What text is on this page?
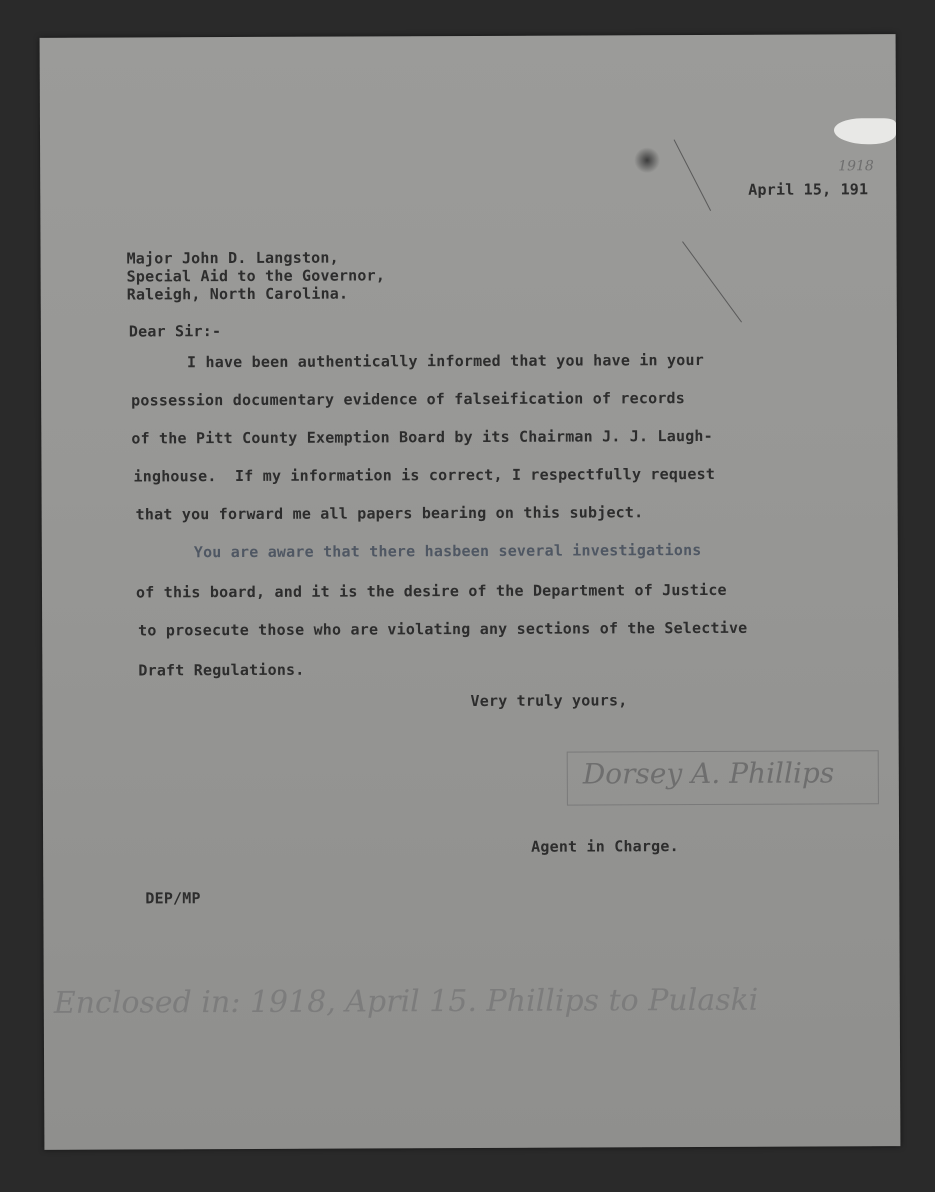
April 15, 191
1918
Major John D. Langston,
Special Aid to the Governor,
Raleigh, North Carolina.
Dear Sir:-
I have been authentically informed that you have in your
possession documentary evidence of falseification of records
of the Pitt County Exemption Board by its Chairman J. J. Laugh-
inghouse.  If my information is correct, I respectfully request
that you forward me all papers bearing on this subject.
You are aware that there hasbeen several investigations
of this board, and it is the desire of the Department of Justice
to prosecute those who are violating any sections of the Selective
Draft Regulations.
Very truly yours,
Dorsey A. Phillips
Agent in Charge.
DEP/MP
Enclosed in: 1918, April 15. Phillips to Pulaski
